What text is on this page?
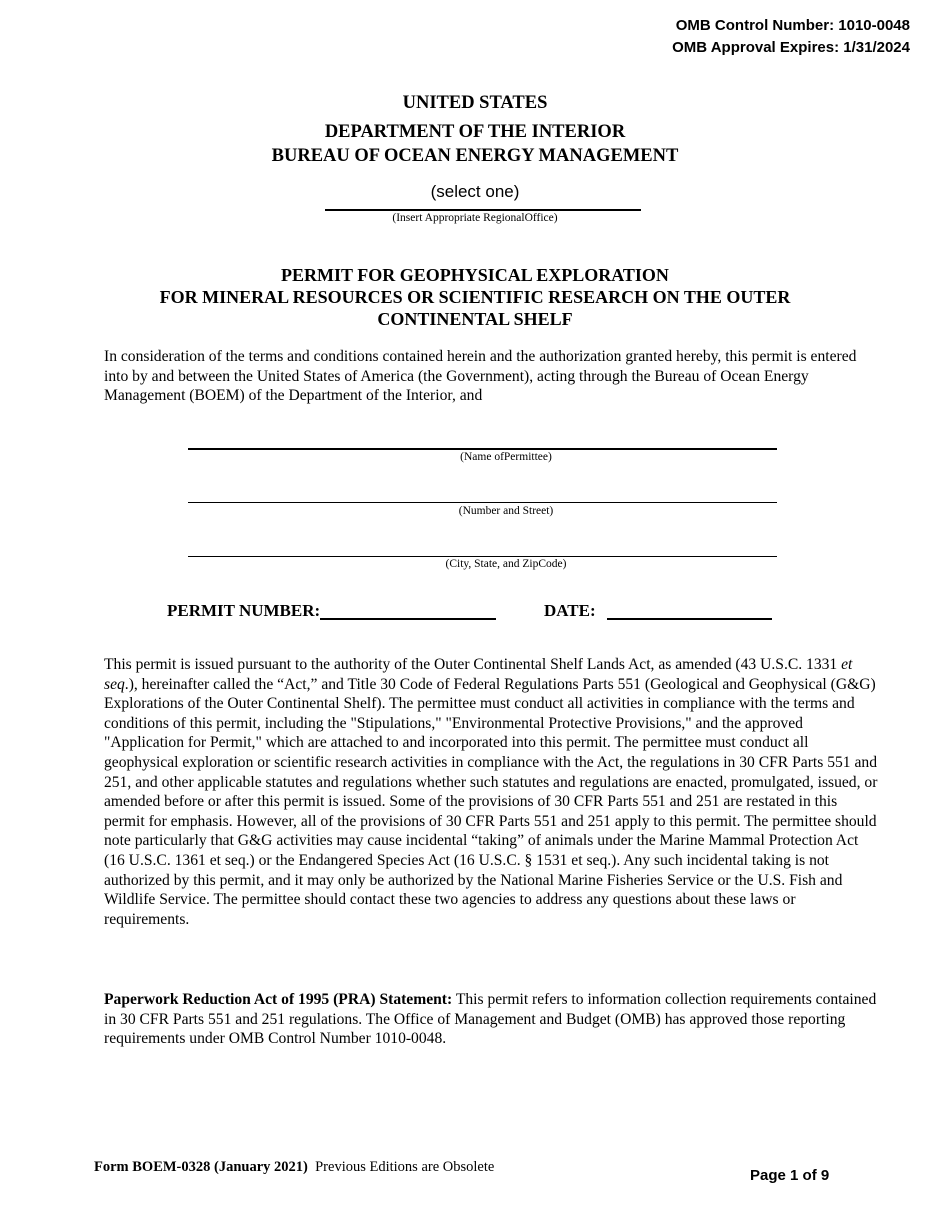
OMB Control Number: 1010-0048
OMB Approval Expires: 1/31/2024
UNITED STATES
DEPARTMENT OF THE INTERIOR
BUREAU OF OCEAN ENERGY MANAGEMENT
(select one)
(Insert Appropriate RegionalOffice)
PERMIT FOR GEOPHYSICAL EXPLORATION
FOR MINERAL RESOURCES OR SCIENTIFIC RESEARCH ON THE OUTER
CONTINENTAL SHELF
In consideration of the terms and conditions contained herein and the authorization granted hereby, this permit is entered into by and between the United States of America (the Government), acting through the Bureau of Ocean Energy Management (BOEM) of the Department of the Interior, and
(Name ofPermittee)
(Number and Street)
(City, State, and ZipCode)
PERMIT NUMBER:	DATE:
This permit is issued pursuant to the authority of the Outer Continental Shelf Lands Act, as amended (43 U.S.C. 1331 et seq.), hereinafter called the “Act,” and Title 30 Code of Federal Regulations Parts 551 (Geological and Geophysical (G&G) Explorations of the Outer Continental Shelf). The permittee must conduct all activities in compliance with the terms and conditions of this permit, including the "Stipulations," "Environmental Protective Provisions," and the approved "Application for Permit," which are attached to and incorporated into this permit. The permittee must conduct all geophysical exploration or scientific research activities in compliance with the Act, the regulations in 30 CFR Parts 551 and 251, and other applicable statutes and regulations whether such statutes and regulations are enacted, promulgated, issued, or amended before or after this permit is issued. Some of the provisions of 30 CFR Parts 551 and 251 are restated in this permit for emphasis. However, all of the provisions of 30 CFR Parts 551 and 251 apply to this permit. The permittee should note particularly that G&G activities may cause incidental “taking” of animals under the Marine Mammal Protection Act (16 U.S.C. 1361 et seq.) or the Endangered Species Act (16 U.S.C. § 1531 et seq.). Any such incidental taking is not authorized by this permit, and it may only be authorized by the National Marine Fisheries Service or the U.S. Fish and Wildlife Service. The permittee should contact these two agencies to address any questions about these laws or requirements.
Paperwork Reduction Act of 1995 (PRA) Statement: This permit refers to information collection requirements contained in 30 CFR Parts 551 and 251 regulations. The Office of Management and Budget (OMB) has approved those reporting requirements under OMB Control Number 1010-0048.
Form BOEM-0328 (January 2021) Previous Editions are Obsolete	Page 1 of 9
